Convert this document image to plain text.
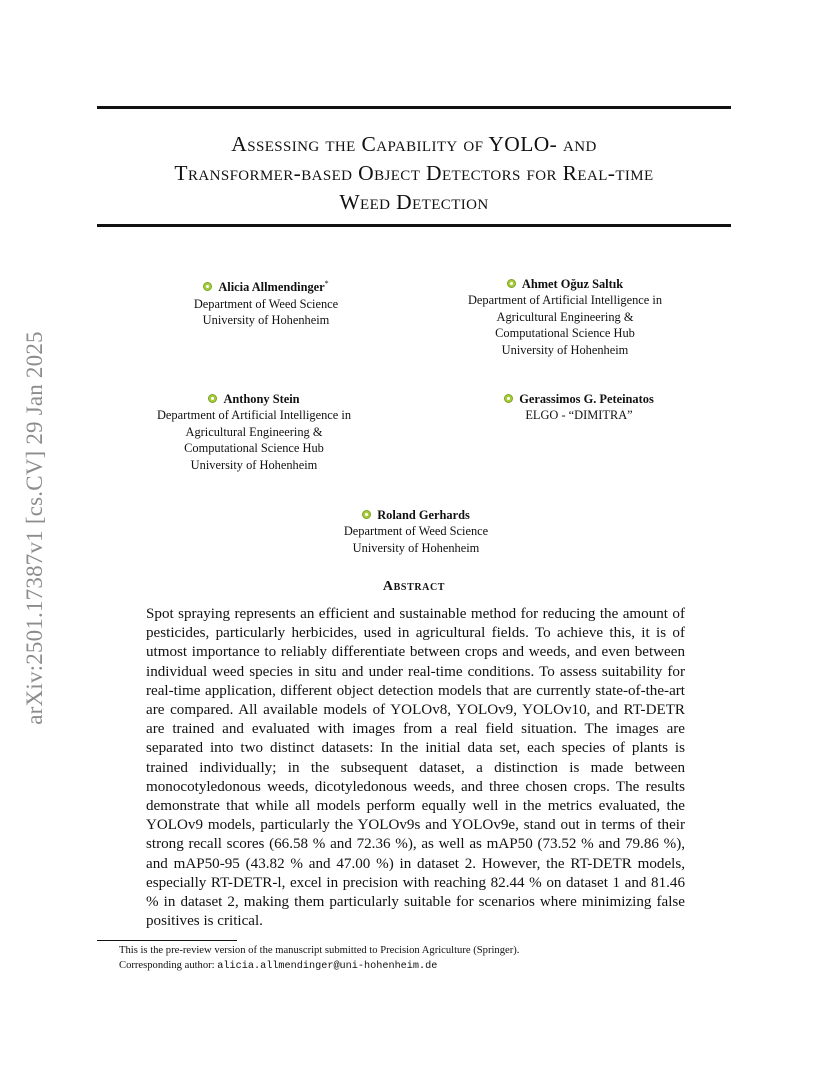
arXiv:2501.17387v1 [cs.CV] 29 Jan 2025
Assessing the Capability of YOLO- and
Transformer-based Object Detectors for Real-time
Weed Detection
Alicia Allmendinger*
Department of Weed Science
University of Hohenheim
Ahmet Oğuz Saltık
Department of Artificial Intelligence in
Agricultural Engineering &
Computational Science Hub
University of Hohenheim
Anthony Stein
Department of Artificial Intelligence in
Agricultural Engineering &
Computational Science Hub
University of Hohenheim
Gerassimos G. Peteinatos
ELGO - “DIMITRA”
Roland Gerhards
Department of Weed Science
University of Hohenheim
Abstract
Spot spraying represents an efficient and sustainable method for reducing the amount of pesticides, particularly herbicides, used in agricultural fields. To achieve this, it is of utmost importance to reliably differentiate between crops and weeds, and even between individual weed species in situ and under real-time conditions. To assess suitability for real-time application, different object detection models that are currently state-of-the-art are compared. All available models of YOLOv8, YOLOv9, YOLOv10, and RT-DETR are trained and evaluated with images from a real field situation. The images are separated into two distinct datasets: In the initial data set, each species of plants is trained individually; in the subsequent dataset, a distinction is made between monocotyledonous weeds, dicotyledonous weeds, and three chosen crops. The results demonstrate that while all models perform equally well in the metrics evaluated, the YOLOv9 models, particularly the YOLOv9s and YOLOv9e, stand out in terms of their strong recall scores (66.58 % and 72.36 %), as well as mAP50 (73.52 % and 79.86 %), and mAP50-95 (43.82 % and 47.00 %) in dataset 2. However, the RT-DETR models, especially RT-DETR-l, excel in precision with reaching 82.44 % on dataset 1 and 81.46 % in dataset 2, making them particularly suitable for scenarios where minimizing false positives is critical.
This is the pre-review version of the manuscript submitted to Precision Agriculture (Springer).
Corresponding author: alicia.allmendinger@uni-hohenheim.de
